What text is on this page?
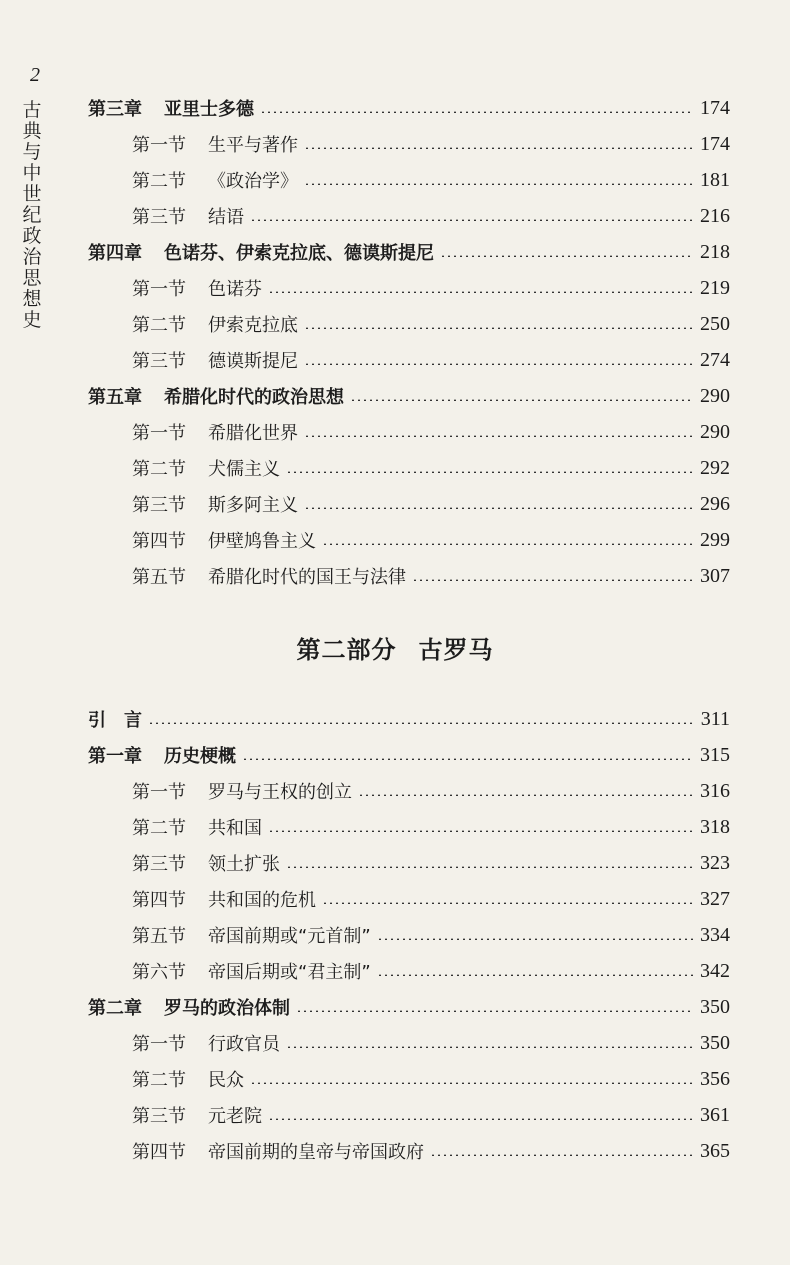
2
古典与中世纪政治思想史
第三章 亚里士多德	174
第一节 生平与著作	174
第二节 《政治学》	181
第三节 结语	216
第四章 色诺芬、伊索克拉底、德谟斯提尼	218
第一节 色诺芬	219
第二节 伊索克拉底	250
第三节 德谟斯提尼	274
第五章 希腊化时代的政治思想	290
第一节 希腊化世界	290
第二节 犬儒主义	292
第三节 斯多阿主义	296
第四节 伊壁鸠鲁主义	299
第五节 希腊化时代的国王与法律	307
引　言	311
第一章 历史梗概	315
第一节 罗马与王权的创立	316
第二节 共和国	318
第三节 领土扩张	323
第四节 共和国的危机	327
第五节 帝国前期或“元首制”	334
第六节 帝国后期或“君主制”	342
第二章 罗马的政治体制	350
第一节 行政官员	350
第二节 民众	356
第三节 元老院	361
第四节 帝国前期的皇帝与帝国政府	365
第二部分 古罗马
